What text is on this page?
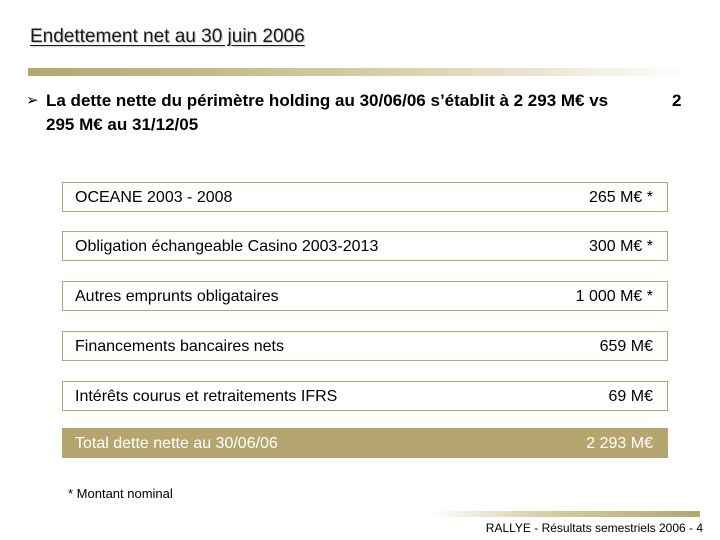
Endettement net au 30 juin 2006
➢ La dette nette du périmètre holding au 30/06/06 s’établit à 2 293 M€ vs	2
295 M€ au 31/12/05
OCEANE 2003 - 2008	265 M€ *
Obligation échangeable Casino 2003-2013	300 M€ *
Autres emprunts obligataires	1 000 M€ *
Financements bancaires nets	659 M€
Intérêts courus et retraitements IFRS	69 M€
Total dette nette au 30/06/06	2 293 M€
* Montant nominal
RALLYE - Résultats semestriels 2006 - 4
